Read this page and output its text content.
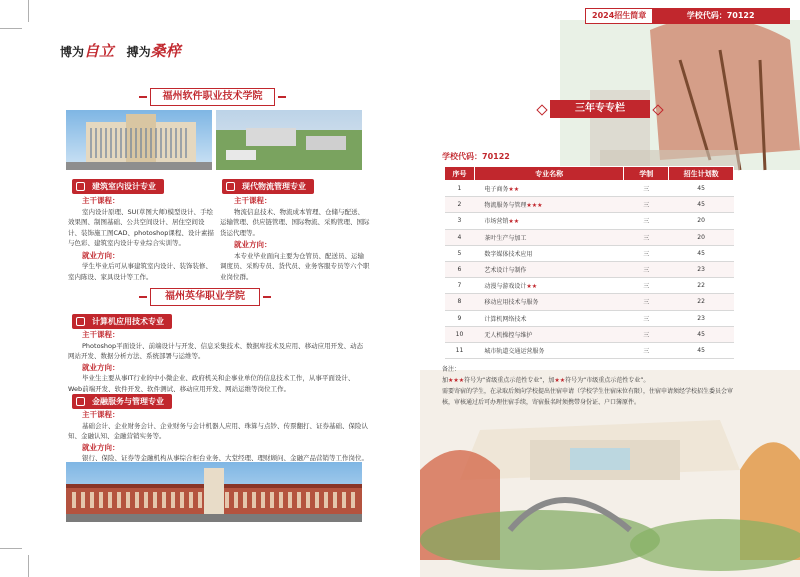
博为自立 搏为桑梓
福州软件职业技术学院
建筑室内设计专业
主干课程：
室内设计原理、SU(草图大师)模型设计、手绘效果图、制图基础、公共空间设计、居住空间设计、装饰施工图CAD、photoshop课程、设计素描与色彩、建筑室内设计专业综合实训等。
就业方向：
学生毕业后可从事建筑室内设计、装饰装修、室内陈设、家具设计等工作。
现代物流管理专业
主干课程：
物流信息技术、物流成本管理、仓储与配送、运输管理、供应链管理、国际物流、采购管理、国际货运代理等。
就业方向：
本专业毕业面向主要为仓管员、配送员、运输调度员、采购专员、货代员、业务客服专员等六个职业岗位群。
福州英华职业学院
计算机应用技术专业
主干课程：
Photoshop平面设计、前端设计与开发、信息采集技术、数据库技术及应用、移动应用开发、动态网站开发、数据分析方法、系统部署与运维等。
就业方向：
毕业生主要从事IT行业的中小微企业、政府机关和企事业单位的信息技术工作，从事平面设计、Web前端开发、软件开发、软件测试、移动应用开发、网站运维等岗位工作。
金融服务与管理专业
主干课程：
基础会计、企业财务会计、企业财务与会计机器人应用、珠算与点钞、传票翻打、证券基础、保险认知、金融认知、金融营销实务等。
就业方向：
银行、保险、证券等金融机构从事综合柜台业务、大堂经理、理财顾问、金融产品营销等工作岗位。
2024招生简章	学校代码：70122
三年专专栏
学校代码：70122
序号	专业名称	学制	招生计划数
1	电子商务★★	三	45
2	物流服务与管理★★★	三	45
3	市场营销★★	三	20
4	茶叶生产与加工	三	20
5	数字媒体技术应用	三	45
6	艺术设计与制作	三	23
7	动漫与游戏设计★★	三	22
8	移动应用技术与服务	三	22
9	计算机网络技术	三	23
10	无人机操控与维护	三	45
11	城市轨道交通运营服务	三	45
备注：
加★★★符号为“省级重点示范性专业”，加★★符号为“市级重点示范性专业”。
需要寄宿的学生，在录取后须向学校提出住宿申请（学校学生住宿床位有限），住宿申请须经学校招生委员会审核，审核通过后可办理住宿手续，寄宿报名时须携带身份证、户口簿原件。
